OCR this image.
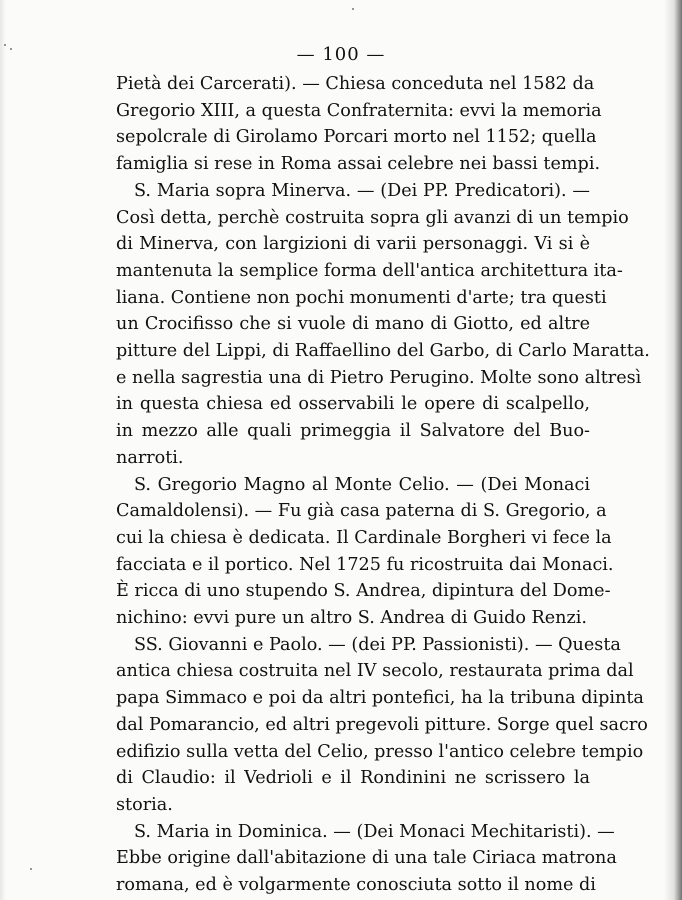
— 100 —
Pietà dei Carcerati). — Chiesa conceduta nel 1582 da
Gregorio XIII, a questa Confraternita: evvi la memoria
sepolcrale di Girolamo Porcari morto nel 1152; quella
famiglia si rese in Roma assai celebre nei bassi tempi.
S. Maria sopra Minerva. — (Dei PP. Predicatori). —
Così detta, perchè costruita sopra gli avanzi di un tempio
di Minerva, con largizioni di varii personaggi. Vi si è
mantenuta la semplice forma dell'antica architettura ita-
liana. Contiene non pochi monumenti d'arte; tra questi
un Crocifisso che si vuole di mano di Giotto, ed altre
pitture del Lippi, di Raffaellino del Garbo, di Carlo Maratta.
e nella sagrestia una di Pietro Perugino. Molte sono altresì
in questa chiesa ed osservabili le opere di scalpello,
in mezzo alle quali primeggia il Salvatore del Buo-
narroti.
S. Gregorio Magno al Monte Celio. — (Dei Monaci
Camaldolensi). — Fu già casa paterna di S. Gregorio, a
cui la chiesa è dedicata. Il Cardinale Borgheri vi fece la
facciata e il portico. Nel 1725 fu ricostruita dai Monaci.
È ricca di uno stupendo S. Andrea, dipintura del Dome-
nichino: evvi pure un altro S. Andrea di Guido Renzi.
SS. Giovanni e Paolo. — (dei PP. Passionisti). — Questa
antica chiesa costruita nel IV secolo, restaurata prima dal
papa Simmaco e poi da altri pontefici, ha la tribuna dipinta
dal Pomarancio, ed altri pregevoli pitture. Sorge quel sacro
edifizio sulla vetta del Celio, presso l'antico celebre tempio
di Claudio: il Vedrioli e il Rondinini ne scrissero la
storia.
S. Maria in Dominica. — (Dei Monaci Mechitaristi). —
Ebbe origine dall'abitazione di una tale Ciriaca matrona
romana, ed è volgarmente conosciuta sotto il nome di
